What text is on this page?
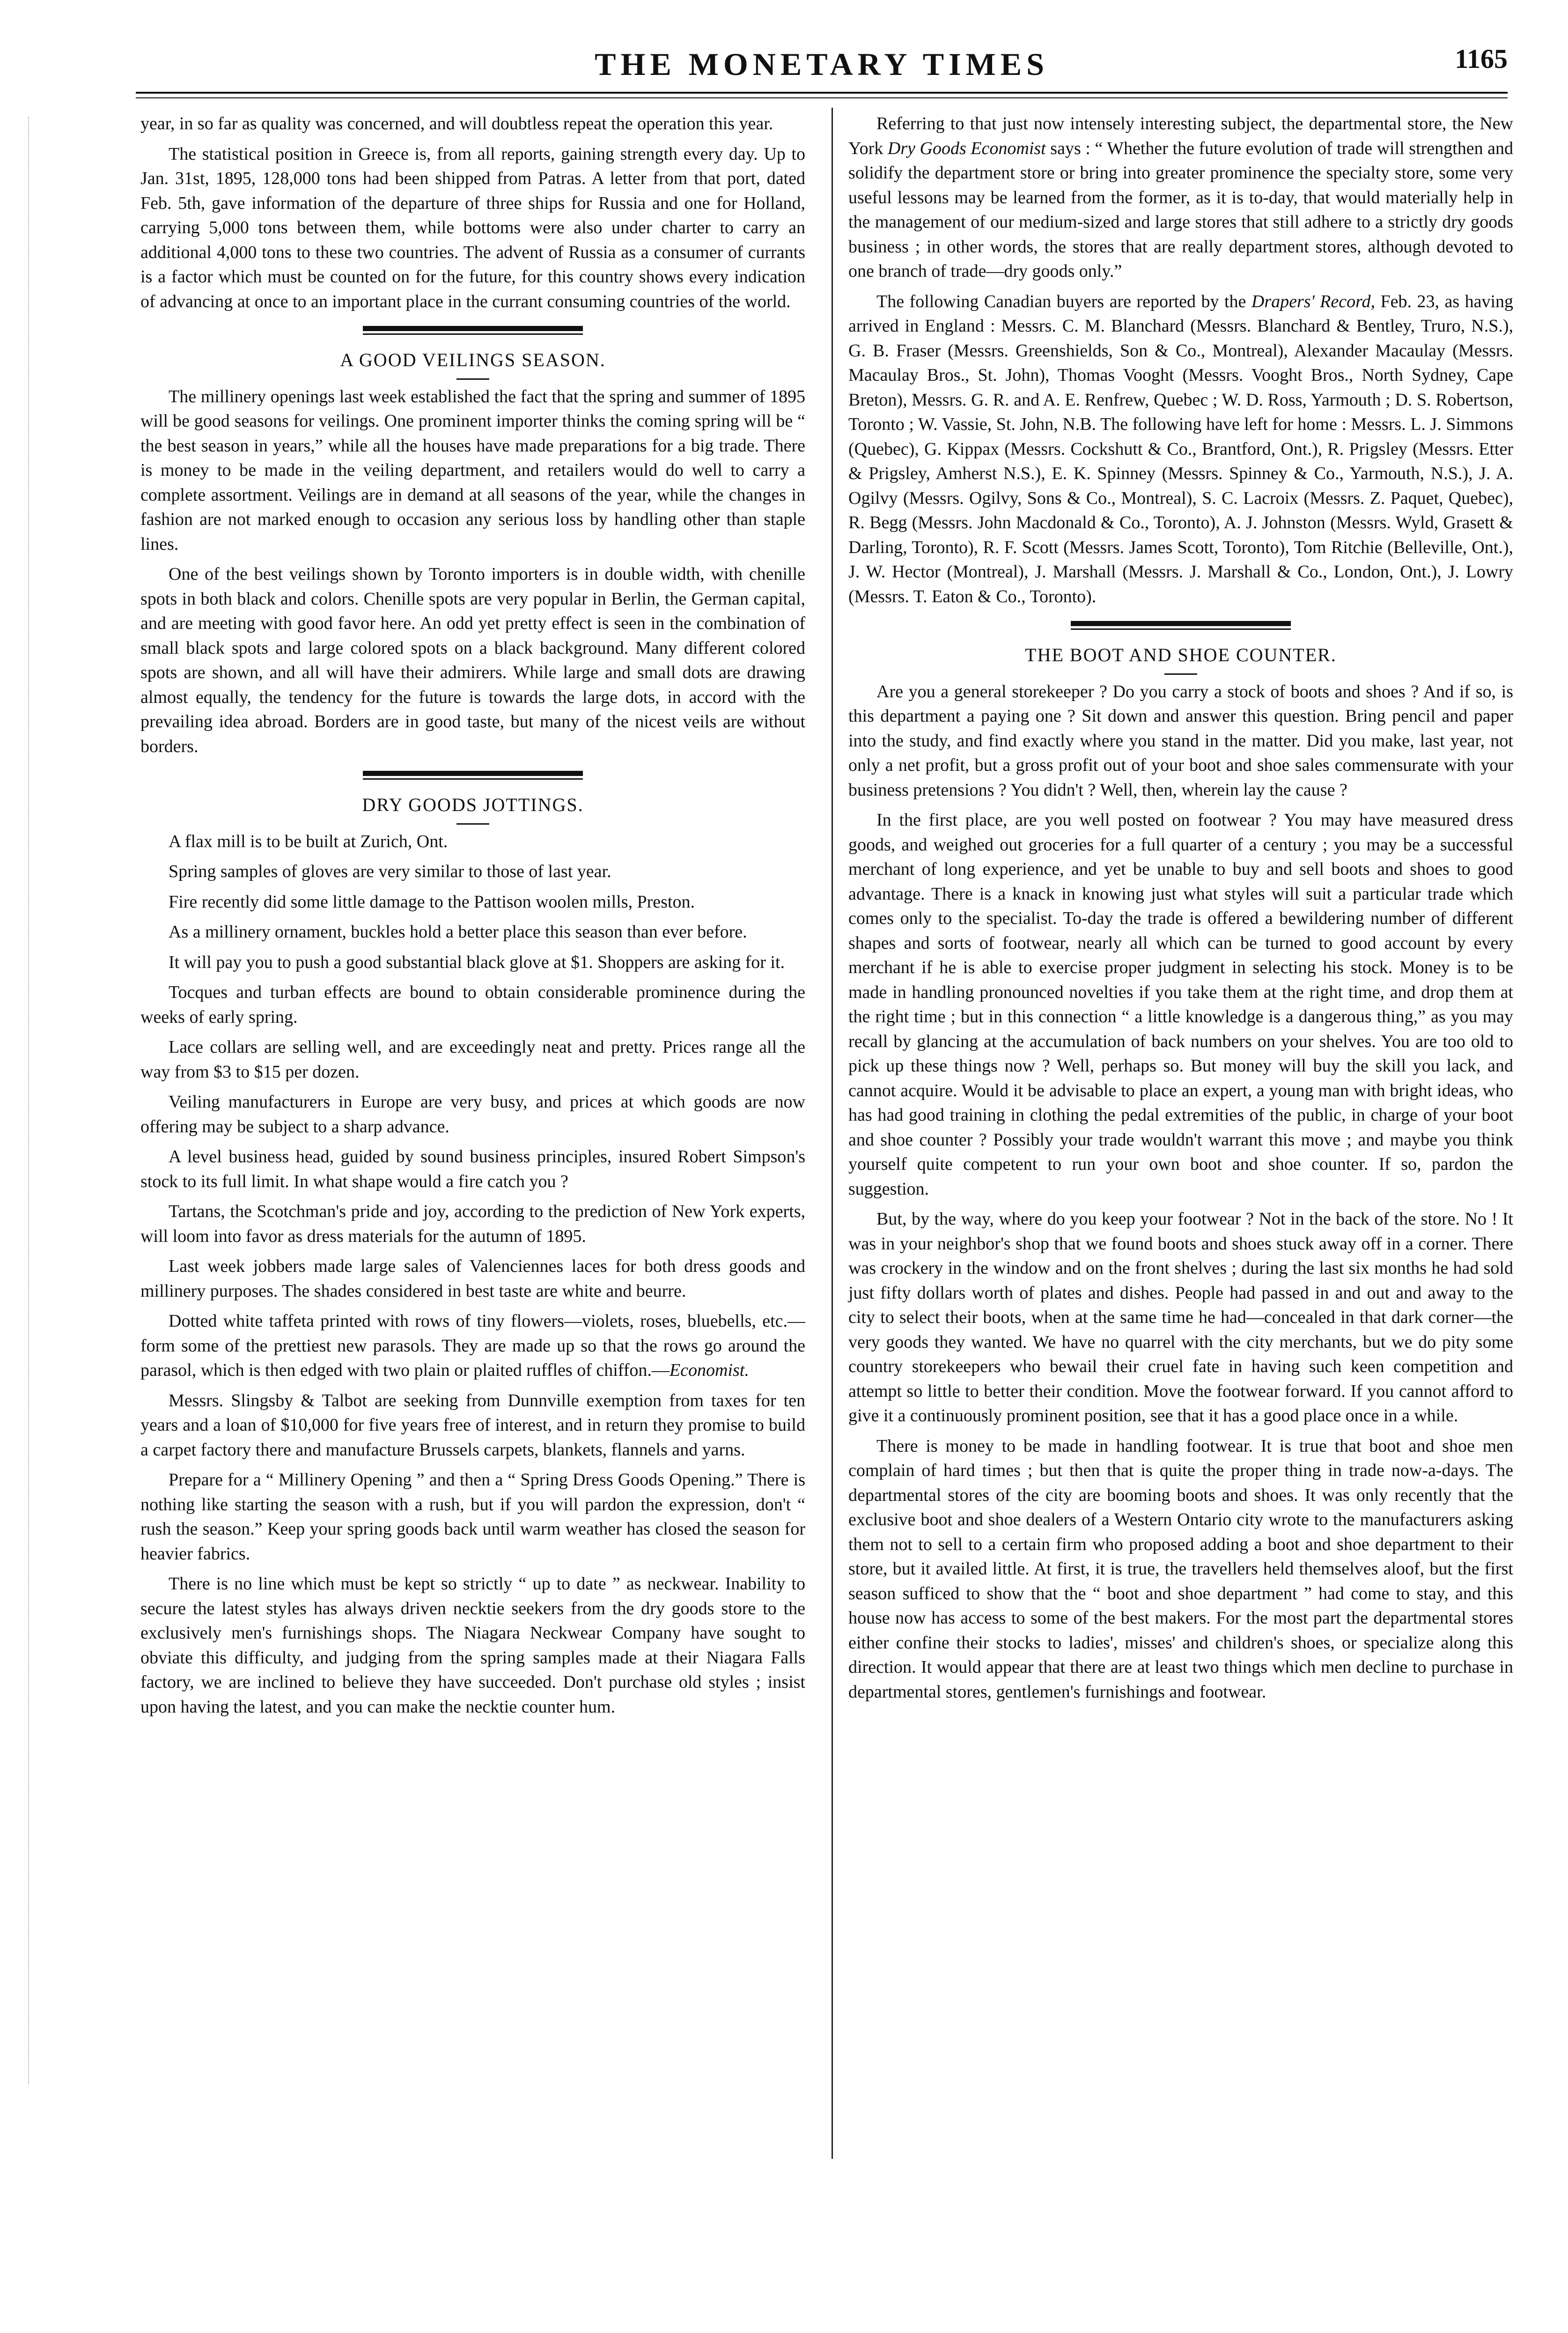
THE MONETARY TIMES	1165

year, in so far as quality was concerned, and will doubtless repeat the operation this year.

The statistical position in Greece is, from all reports, gaining strength every day. Up to Jan. 31st, 1895, 128,000 tons had been shipped from Patras. A letter from that port, dated Feb. 5th, gave information of the departure of three ships for Russia and one for Holland, carrying 5,000 tons between them, while bottoms were also under charter to carry an additional 4,000 tons to these two countries. The advent of Russia as a consumer of currants is a factor which must be counted on for the future, for this country shows every indication of advancing at once to an important place in the currant consuming countries of the world.

A GOOD VEILINGS SEASON.

The millinery openings last week established the fact that the spring and summer of 1895 will be good seasons for veilings. One prominent importer thinks the coming spring will be “ the best season in years,” while all the houses have made preparations for a big trade. There is money to be made in the veiling department, and retailers would do well to carry a complete assortment. Veilings are in demand at all seasons of the year, while the changes in fashion are not marked enough to occasion any serious loss by handling other than staple lines.

One of the best veilings shown by Toronto importers is in double width, with chenille spots in both black and colors. Chenille spots are very popular in Berlin, the German capital, and are meeting with good favor here. An odd yet pretty effect is seen in the combination of small black spots and large colored spots on a black background. Many different colored spots are shown, and all will have their admirers. While large and small dots are drawing almost equally, the tendency for the future is towards the large dots, in accord with the prevailing idea abroad. Borders are in good taste, but many of the nicest veils are without borders.

DRY GOODS JOTTINGS.

A flax mill is to be built at Zurich, Ont.

Spring samples of gloves are very similar to those of last year.

Fire recently did some little damage to the Pattison woolen mills, Preston.

As a millinery ornament, buckles hold a better place this season than ever before.

It will pay you to push a good substantial black glove at $1. Shoppers are asking for it.

Tocques and turban effects are bound to obtain considerable prominence during the weeks of early spring.

Lace collars are selling well, and are exceedingly neat and pretty. Prices range all the way from $3 to $15 per dozen.

Veiling manufacturers in Europe are very busy, and prices at which goods are now offering may be subject to a sharp advance.

A level business head, guided by sound business principles, insured Robert Simpson's stock to its full limit. In what shape would a fire catch you ?

Tartans, the Scotchman's pride and joy, according to the prediction of New York experts, will loom into favor as dress materials for the autumn of 1895.

Last week jobbers made large sales of Valenciennes laces for both dress goods and millinery purposes. The shades considered in best taste are white and beurre.

Dotted white taffeta printed with rows of tiny flowers—violets, roses, bluebells, etc.—form some of the prettiest new parasols. They are made up so that the rows go around the parasol, which is then edged with two plain or plaited ruffles of chiffon.—Economist.

Messrs. Slingsby & Talbot are seeking from Dunnville exemption from taxes for ten years and a loan of $10,000 for five years free of interest, and in return they promise to build a carpet factory there and manufacture Brussels carpets, blankets, flannels and yarns.

Prepare for a “ Millinery Opening ” and then a “ Spring Dress Goods Opening.” There is nothing like starting the season with a rush, but if you will pardon the expression, don't “ rush the season.” Keep your spring goods back until warm weather has closed the season for heavier fabrics.

There is no line which must be kept so strictly “ up to date ” as neckwear. Inability to secure the latest styles has always driven necktie seekers from the dry goods store to the exclusively men's furnishings shops. The Niagara Neckwear Company have sought to obviate this difficulty, and judging from the spring samples made at their Niagara Falls factory, we are inclined to believe they have succeeded. Don't purchase old styles ; insist upon having the latest, and you can make the necktie counter hum.

Referring to that just now intensely interesting subject, the departmental store, the New York Dry Goods Economist says : “ Whether the future evolution of trade will strengthen and solidify the department store or bring into greater prominence the specialty store, some very useful lessons may be learned from the former, as it is to-day, that would materially help in the management of our medium-sized and large stores that still adhere to a strictly dry goods business ; in other words, the stores that are really department stores, although devoted to one branch of trade—dry goods only.”

The following Canadian buyers are reported by the Drapers' Record, Feb. 23, as having arrived in England : Messrs. C. M. Blanchard (Messrs. Blanchard & Bentley, Truro, N.S.), G. B. Fraser (Messrs. Greenshields, Son & Co., Montreal), Alexander Macaulay (Messrs. Macaulay Bros., St. John), Thomas Vooght (Messrs. Vooght Bros., North Sydney, Cape Breton), Messrs. G. R. and A. E. Renfrew, Quebec ; W. D. Ross, Yarmouth ; D. S. Robertson, Toronto ; W. Vassie, St. John, N.B. The following have left for home : Messrs. L. J. Simmons (Quebec), G. Kippax (Messrs. Cockshutt & Co., Brantford, Ont.), R. Prigsley (Messrs. Etter & Prigsley, Amherst N.S.), E. K. Spinney (Messrs. Spinney & Co., Yarmouth, N.S.), J. A. Ogilvy (Messrs. Ogilvy, Sons & Co., Montreal), S. C. Lacroix (Messrs. Z. Paquet, Quebec), R. Begg (Messrs. John Macdonald & Co., Toronto), A. J. Johnston (Messrs. Wyld, Grasett & Darling, Toronto), R. F. Scott (Messrs. James Scott, Toronto), Tom Ritchie (Belleville, Ont.), J. W. Hector (Montreal), J. Marshall (Messrs. J. Marshall & Co., London, Ont.), J. Lowry (Messrs. T. Eaton & Co., Toronto).

THE BOOT AND SHOE COUNTER.

Are you a general storekeeper ? Do you carry a stock of boots and shoes ? And if so, is this department a paying one ? Sit down and answer this question. Bring pencil and paper into the study, and find exactly where you stand in the matter. Did you make, last year, not only a net profit, but a gross profit out of your boot and shoe sales commensurate with your business pretensions ? You didn't ? Well, then, wherein lay the cause ?

In the first place, are you well posted on footwear ? You may have measured dress goods, and weighed out groceries for a full quarter of a century ; you may be a successful merchant of long experience, and yet be unable to buy and sell boots and shoes to good advantage. There is a knack in knowing just what styles will suit a particular trade which comes only to the specialist. To-day the trade is offered a bewildering number of different shapes and sorts of footwear, nearly all which can be turned to good account by every merchant if he is able to exercise proper judgment in selecting his stock. Money is to be made in handling pronounced novelties if you take them at the right time, and drop them at the right time ; but in this connection “ a little knowledge is a dangerous thing,” as you may recall by glancing at the accumulation of back numbers on your shelves. You are too old to pick up these things now ? Well, perhaps so. But money will buy the skill you lack, and cannot acquire. Would it be advisable to place an expert, a young man with bright ideas, who has had good training in clothing the pedal extremities of the public, in charge of your boot and shoe counter ? Possibly your trade wouldn't warrant this move ; and maybe you think yourself quite competent to run your own boot and shoe counter. If so, pardon the suggestion.

But, by the way, where do you keep your footwear ? Not in the back of the store. No ! It was in your neighbor's shop that we found boots and shoes stuck away off in a corner. There was crockery in the window and on the front shelves ; during the last six months he had sold just fifty dollars worth of plates and dishes. People had passed in and out and away to the city to select their boots, when at the same time he had—concealed in that dark corner—the very goods they wanted. We have no quarrel with the city merchants, but we do pity some country storekeepers who bewail their cruel fate in having such keen competition and attempt so little to better their condition. Move the footwear forward. If you cannot afford to give it a continuously prominent position, see that it has a good place once in a while.

There is money to be made in handling footwear. It is true that boot and shoe men complain of hard times ; but then that is quite the proper thing in trade now-a-days. The departmental stores of the city are booming boots and shoes. It was only recently that the exclusive boot and shoe dealers of a Western Ontario city wrote to the manufacturers asking them not to sell to a certain firm who proposed adding a boot and shoe department to their store, but it availed little. At first, it is true, the travellers held themselves aloof, but the first season sufficed to show that the “ boot and shoe department ” had come to stay, and this house now has access to some of the best makers. For the most part the departmental stores either confine their stocks to ladies', misses' and children's shoes, or specialize along this direction. It would appear that there are at least two things which men decline to purchase in departmental stores, gentlemen's furnishings and footwear.
